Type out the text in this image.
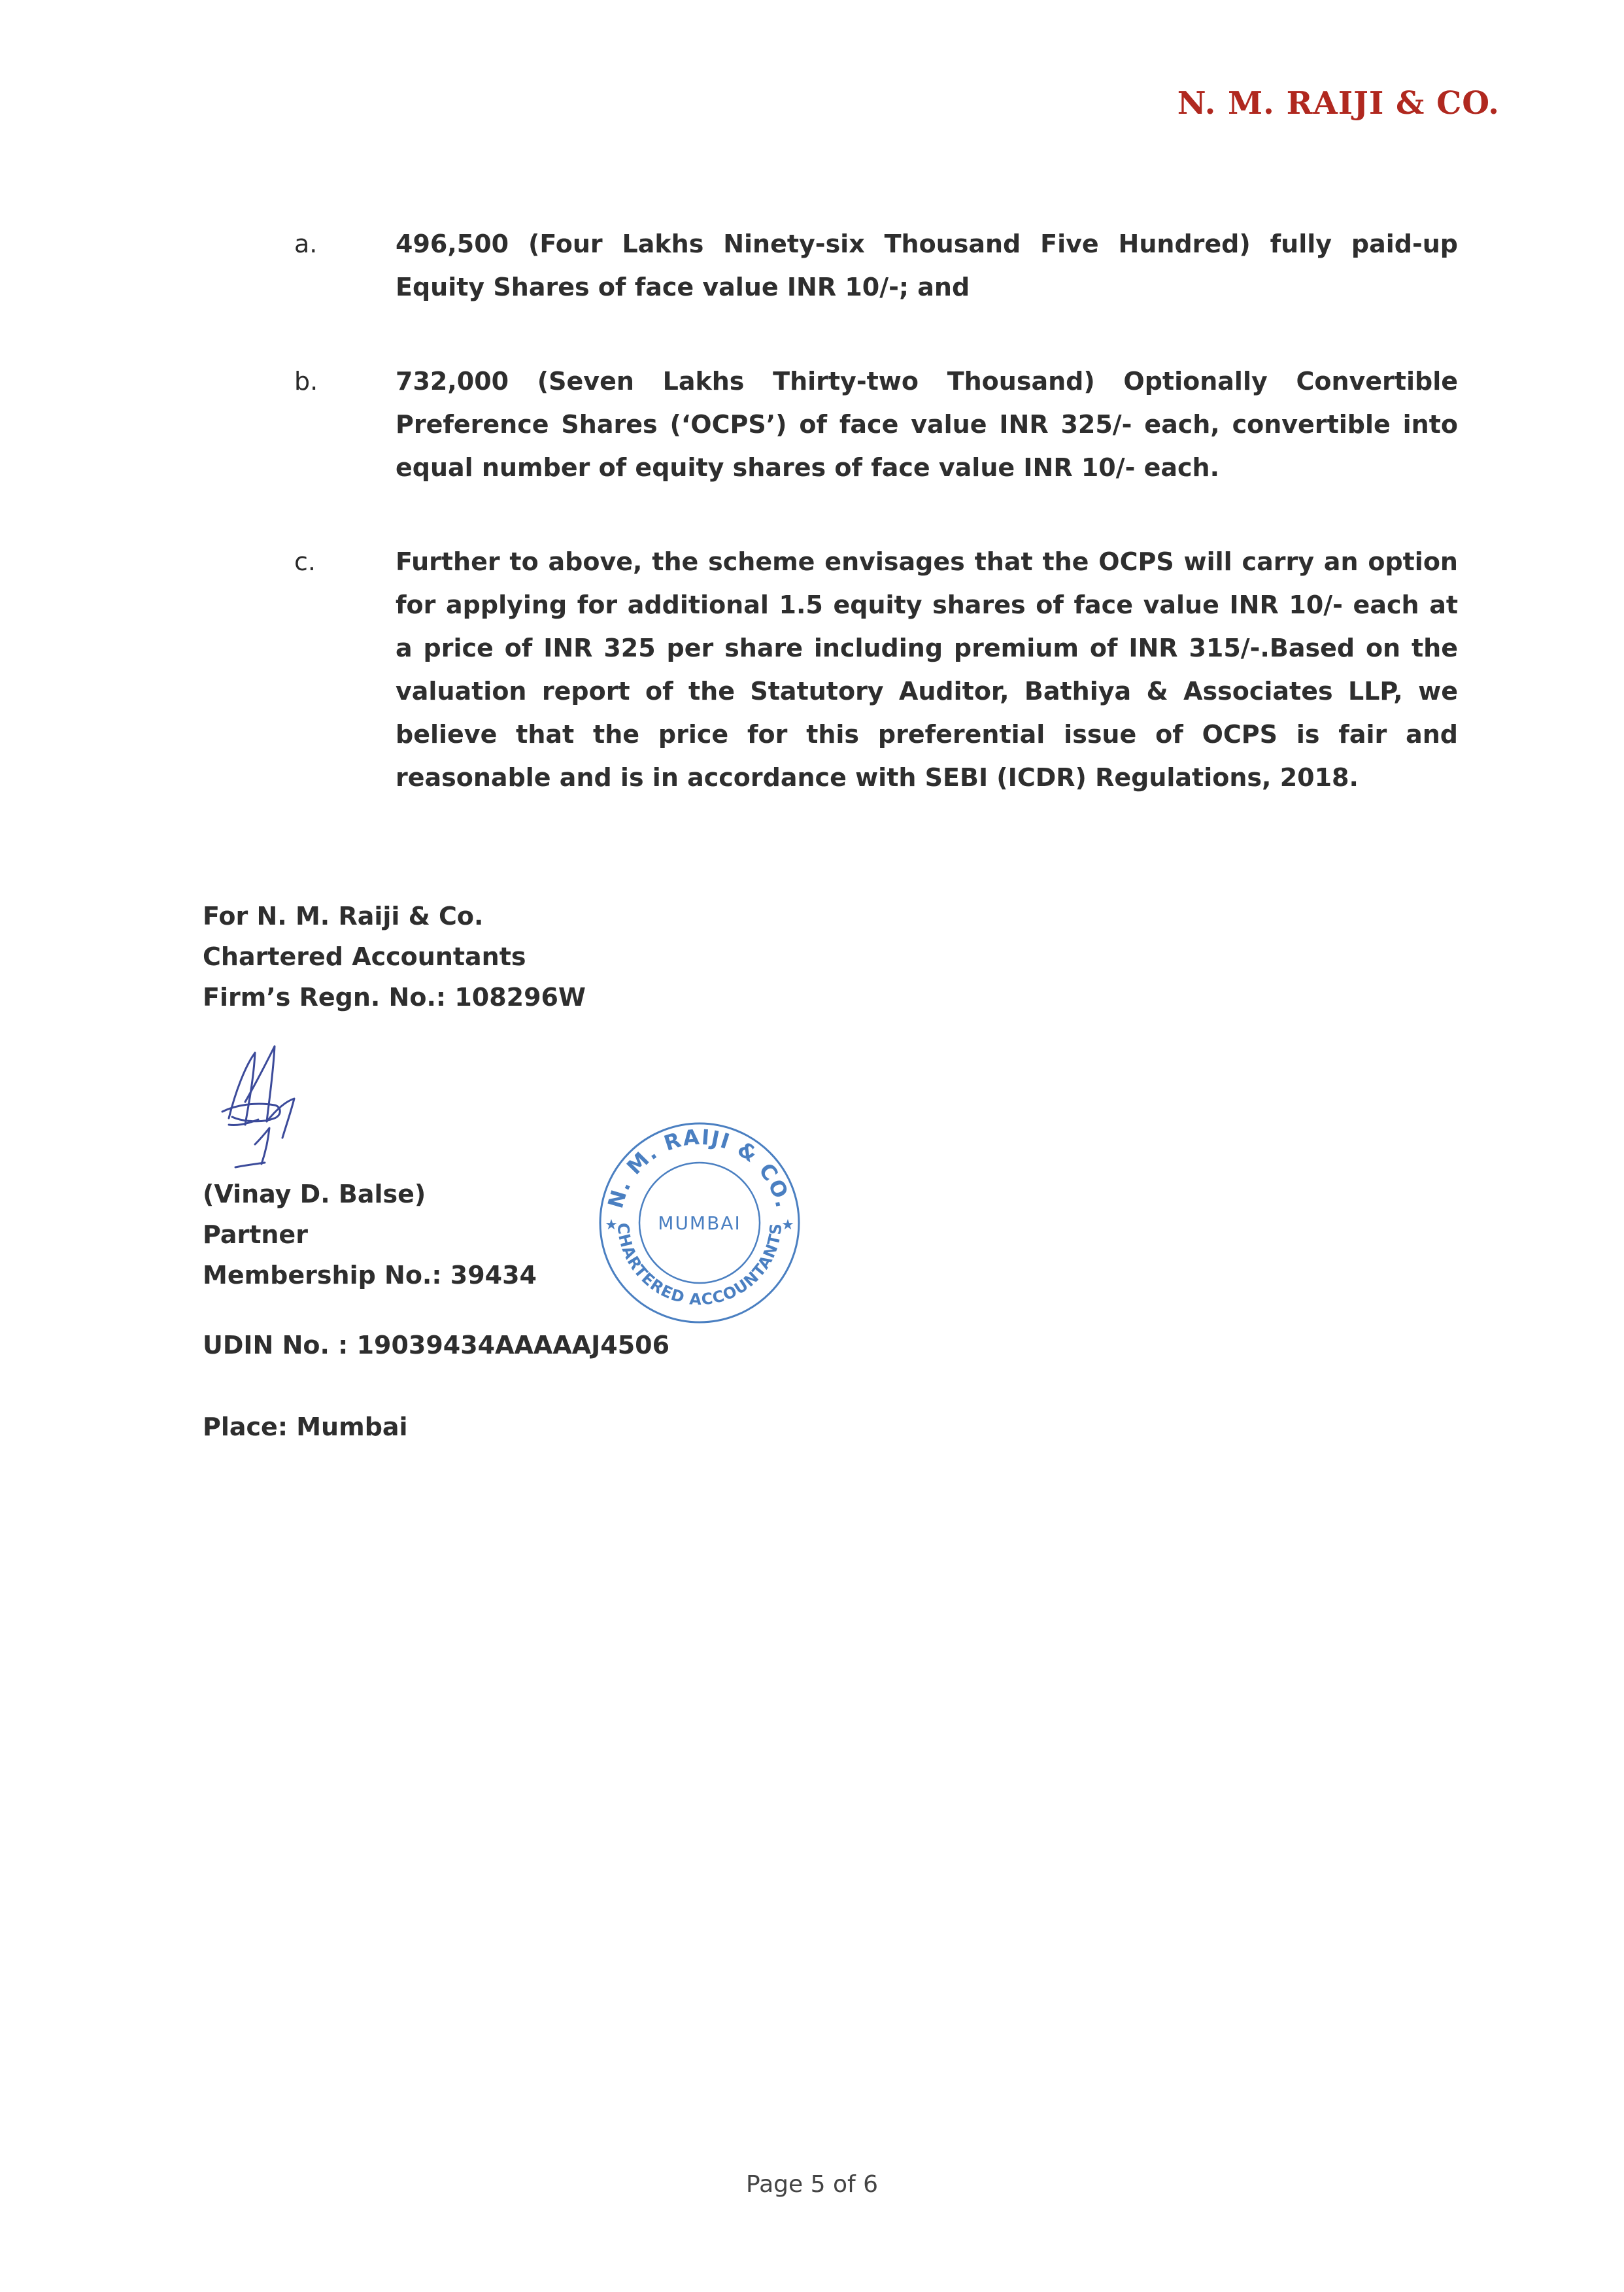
N. M. RAIJI & CO.
a.	496,500 (Four Lakhs Ninety-six Thousand Five Hundred) fully paid-up Equity Shares of face value INR 10/-; and
b.	732,000 (Seven Lakhs Thirty-two Thousand) Optionally Convertible Preference Shares (‘OCPS’) of face value INR 325/- each, convertible into equal number of equity shares of face value INR 10/- each.
c.	Further to above, the scheme envisages that the OCPS will carry an option for applying for additional 1.5 equity shares of face value INR 10/- each at a price of INR 325 per share including premium of INR 315/-.Based on the valuation report of the Statutory Auditor, Bathiya & Associates LLP, we believe that the price for this preferential issue of OCPS is fair and reasonable and is in accordance with SEBI (ICDR) Regulations, 2018.
For N. M. Raiji & Co.
Chartered Accountants
Firm’s Regn. No.: 108296W
(Vinay D. Balse)
Partner
Membership No.: 39434
N. M. RAIJI & CO.
CHARTERED ACCOUNTANTS
★	★
MUMBAI
UDIN No. : 19039434AAAAAJ4506
Place: Mumbai
Page 5 of 6
